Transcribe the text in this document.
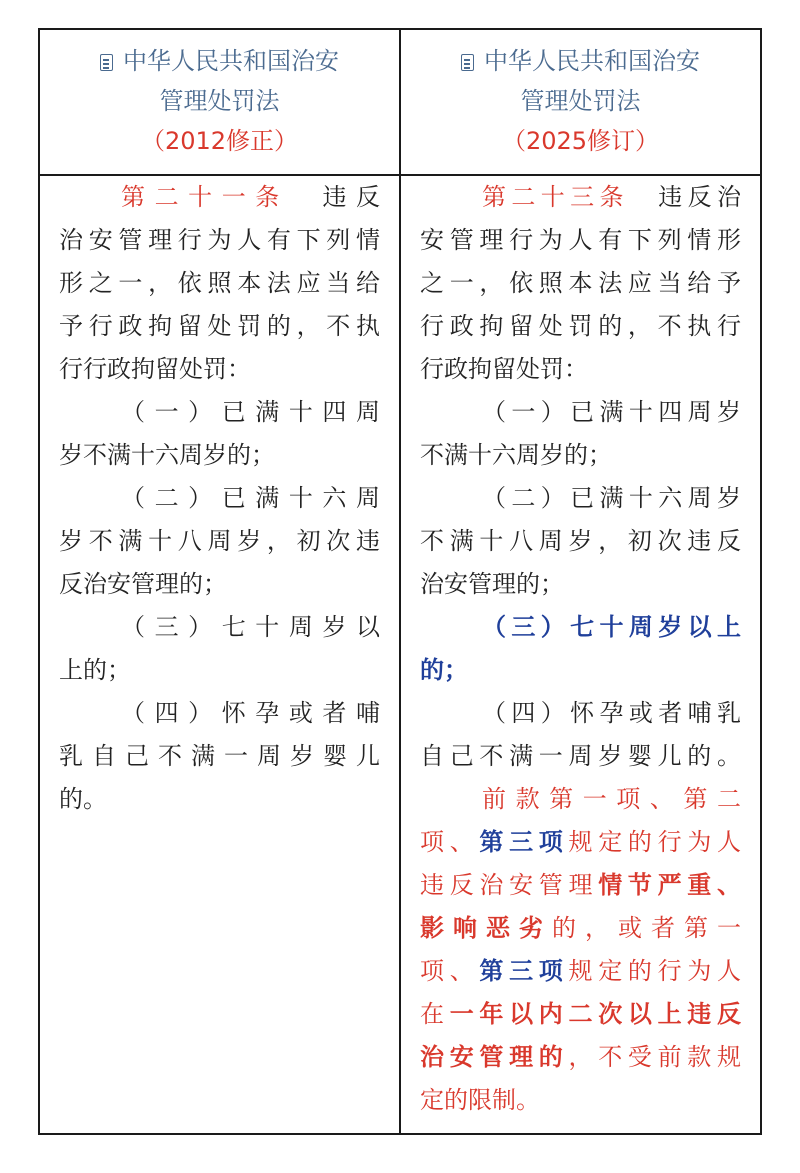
中华人民共和国治安
管理处罚法
（2012修正）
中华人民共和国治安
管理处罚法
（2025修订）
第二十一条　 违反
治安管理行为人有下列情
形之一，依照本法应当给
予行政拘留处罚的，不执
行行政拘留处罚：
（一）已满十四周
岁不满十六周岁的；
（二）已满十六周
岁不满十八周岁，初次违
反治安管理的；
（三）七十周岁以
上的；
（四）怀孕或者哺
乳自己不满一周岁婴儿
的。
第二十三条　 违反治
安管理行为人有下列情形
之一，依照本法应当给予
行政拘留处罚的，不执行
行政拘留处罚：
（一）已满十四周岁
不满十六周岁的；
（二）已满十六周岁
不满十八周岁，初次违反
治安管理的；
（三）七十周岁以上
的；
（四）怀孕或者哺乳
自己不满一周岁婴儿的。
前款第一项、第二
项、第三项规定的行为人
违反治安管理情节严重、
影响恶劣的，或者第一
项、第三项规定的行为人
在一年以内二次以上违反
治安管理的，不受前款规
定的限制。
